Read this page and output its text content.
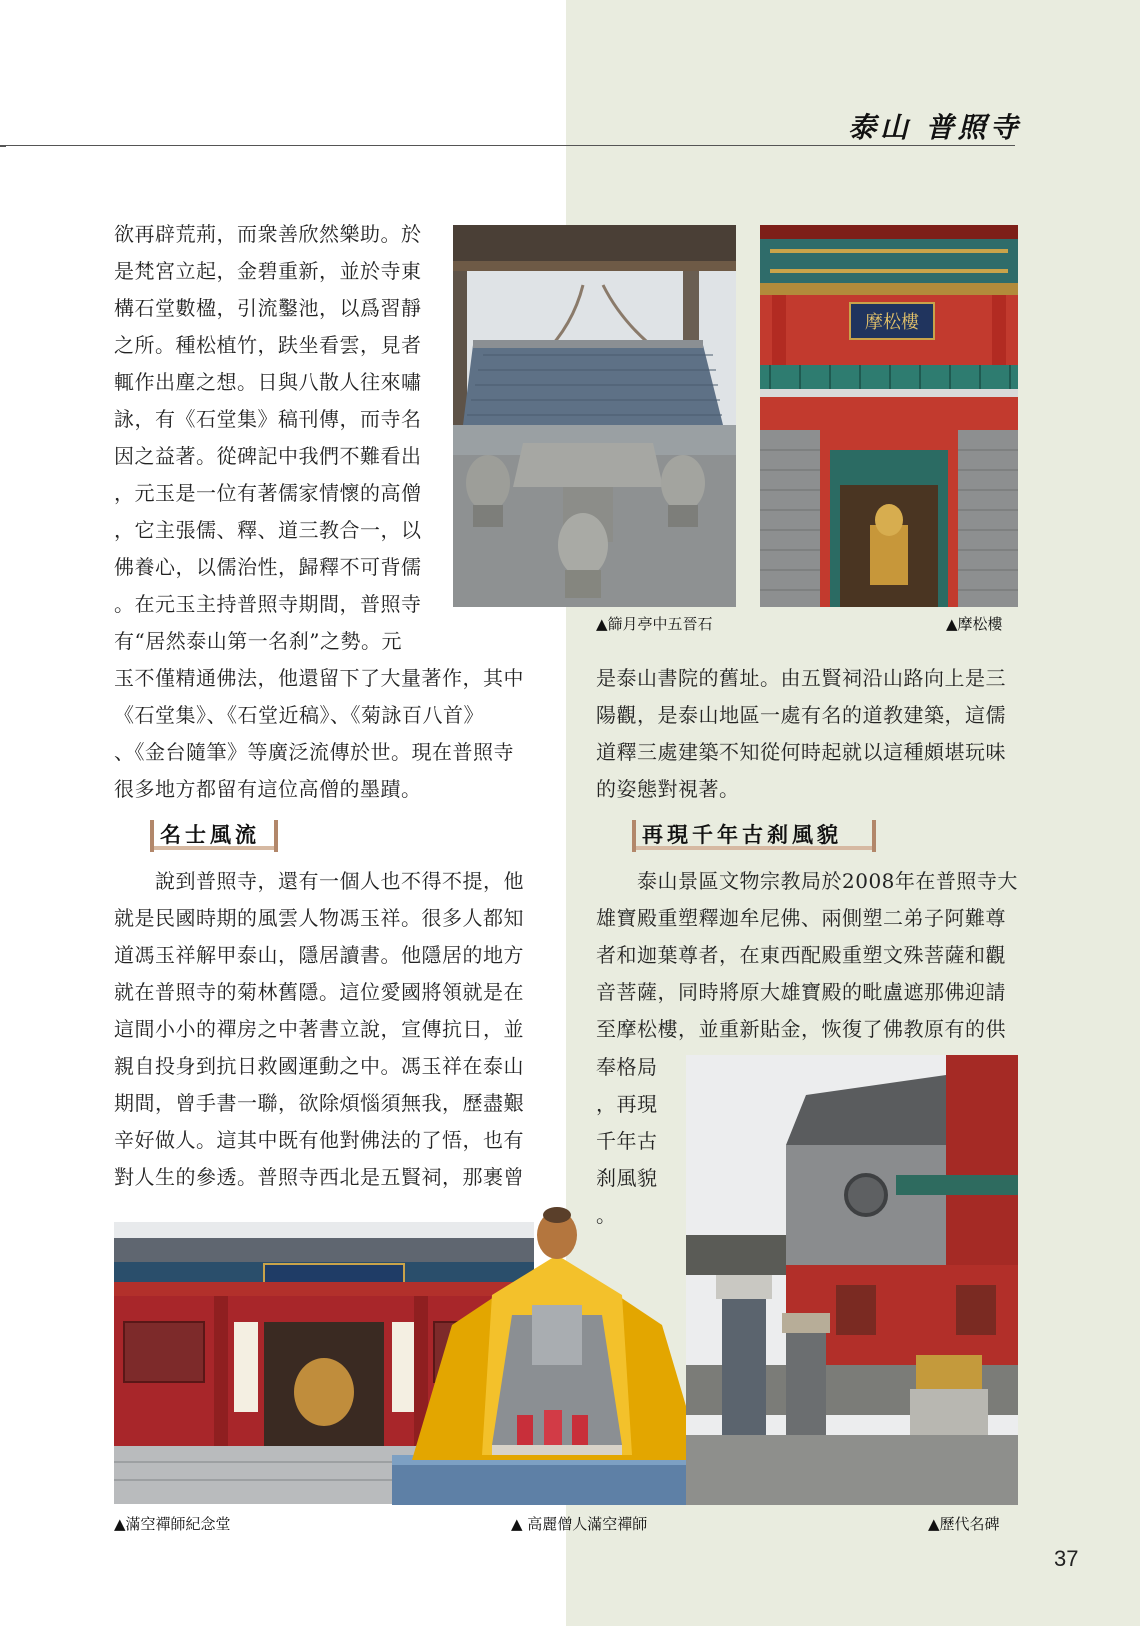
泰山 普照寺

欲再辟荒荊，而衆善欣然樂助。於
是梵宮立起，金碧重新，並於寺東
構石堂數楹，引流鑿池，以爲習靜
之所。種松植竹，趺坐看雲，見者
輒作出塵之想。日與八散人往來嘯
詠，有《石堂集》稿刊傳，而寺名
因之益著。從碑記中我們不難看出
，元玉是一位有著儒家情懷的高僧
，它主張儒、釋、道三教合一，以
佛養心，以儒治性，歸釋不可背儒
。在元玉主持普照寺期間，普照寺
有“居然泰山第一名刹”之勢。元

玉不僅精通佛法，他還留下了大量著作，其中
《石堂集》、《石堂近稿》、《菊詠百八首》
、《金台隨筆》等廣泛流傳於世。現在普照寺
很多地方都留有這位高僧的墨蹟。

名士風流

　　說到普照寺，還有一個人也不得不提，他
就是民國時期的風雲人物馮玉祥。很多人都知
道馮玉祥解甲泰山，隱居讀書。他隱居的地方
就在普照寺的菊林舊隱。這位愛國將領就是在
這間小小的禪房之中著書立說，宣傳抗日，並
親自投身到抗日救國運動之中。馮玉祥在泰山
期間，曾手書一聯，欲除煩惱須無我，歷盡艱
辛好做人。這其中既有他對佛法的了悟，也有
對人生的參透。普照寺西北是五賢祠，那裹曾

是泰山書院的舊址。由五賢祠沿山路向上是三
陽觀，是泰山地區一處有名的道教建築，這儒
道釋三處建築不知從何時起就以這種頗堪玩味
的姿態對視著。

再現千年古刹風貌

　　泰山景區文物宗教局於2008年在普照寺大
雄寶殿重塑釋迦牟尼佛、兩側塑二弟子阿難尊
者和迦葉尊者，在東西配殿重塑文殊菩薩和觀
音菩薩，同時將原大雄寶殿的毗盧遮那佛迎請
至摩松樓，並重新貼金，恢復了佛教原有的供

奉格局
，再現
千年古
刹風貌
。

▲篩月亭中五晉石
摩松樓
▲摩松樓
▲滿空禪師紀念堂	▲ 高麗僧人滿空禪師	▲歷代名碑
37
